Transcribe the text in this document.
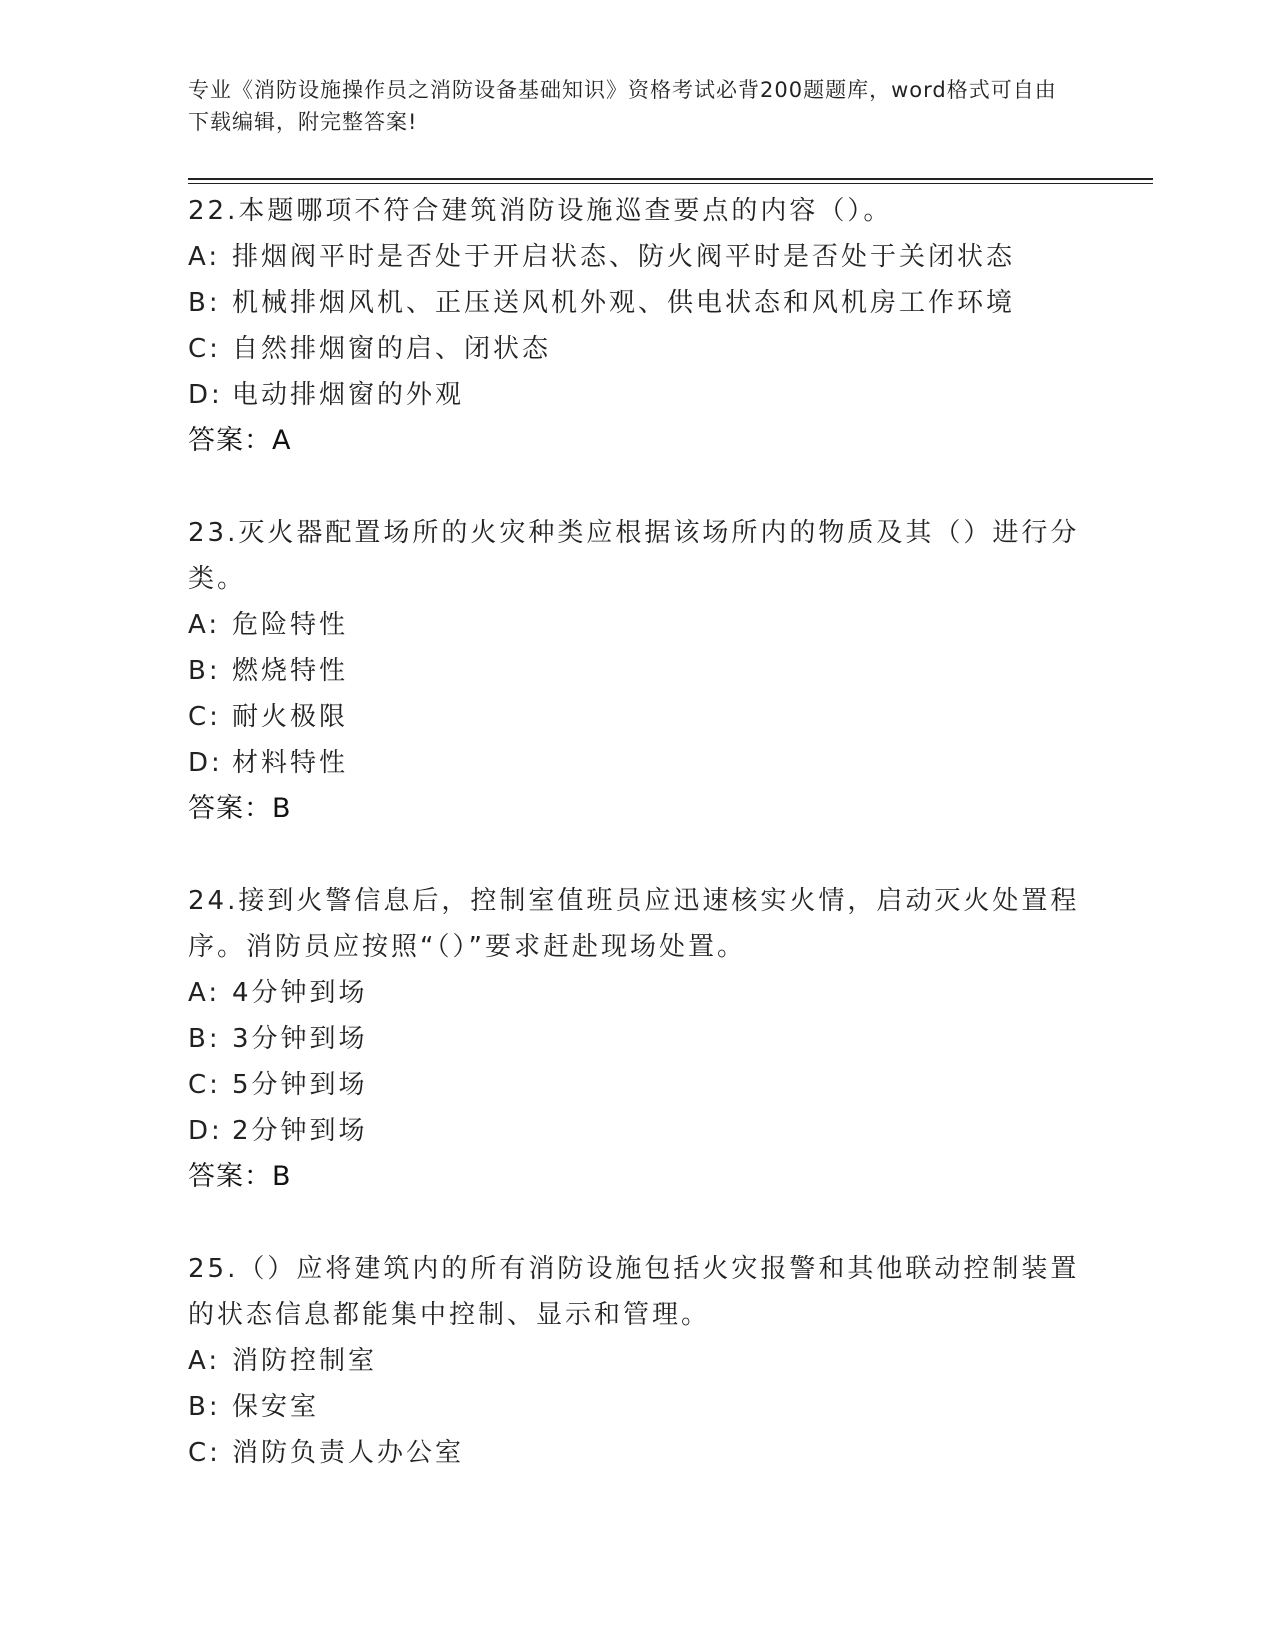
专业《消防设施操作员之消防设备基础知识》资格考试必背200题题库，word格式可自由下载编辑，附完整答案!
22.本题哪项不符合建筑消防设施巡查要点的内容（）。
A: 排烟阀平时是否处于开启状态、防火阀平时是否处于关闭状态
B: 机械排烟风机、正压送风机外观、供电状态和风机房工作环境
C: 自然排烟窗的启、闭状态
D: 电动排烟窗的外观
答案：A
23.灭火器配置场所的火灾种类应根据该场所内的物质及其（）进行分类。
A: 危险特性
B: 燃烧特性
C: 耐火极限
D: 材料特性
答案：B
24.接到火警信息后，控制室值班员应迅速核实火情，启动灭火处置程序。消防员应按照“（）”要求赶赴现场处置。
A: 4分钟到场
B: 3分钟到场
C: 5分钟到场
D: 2分钟到场
答案：B
25.（）应将建筑内的所有消防设施包括火灾报警和其他联动控制装置的状态信息都能集中控制、显示和管理。
A: 消防控制室
B: 保安室
C: 消防负责人办公室
